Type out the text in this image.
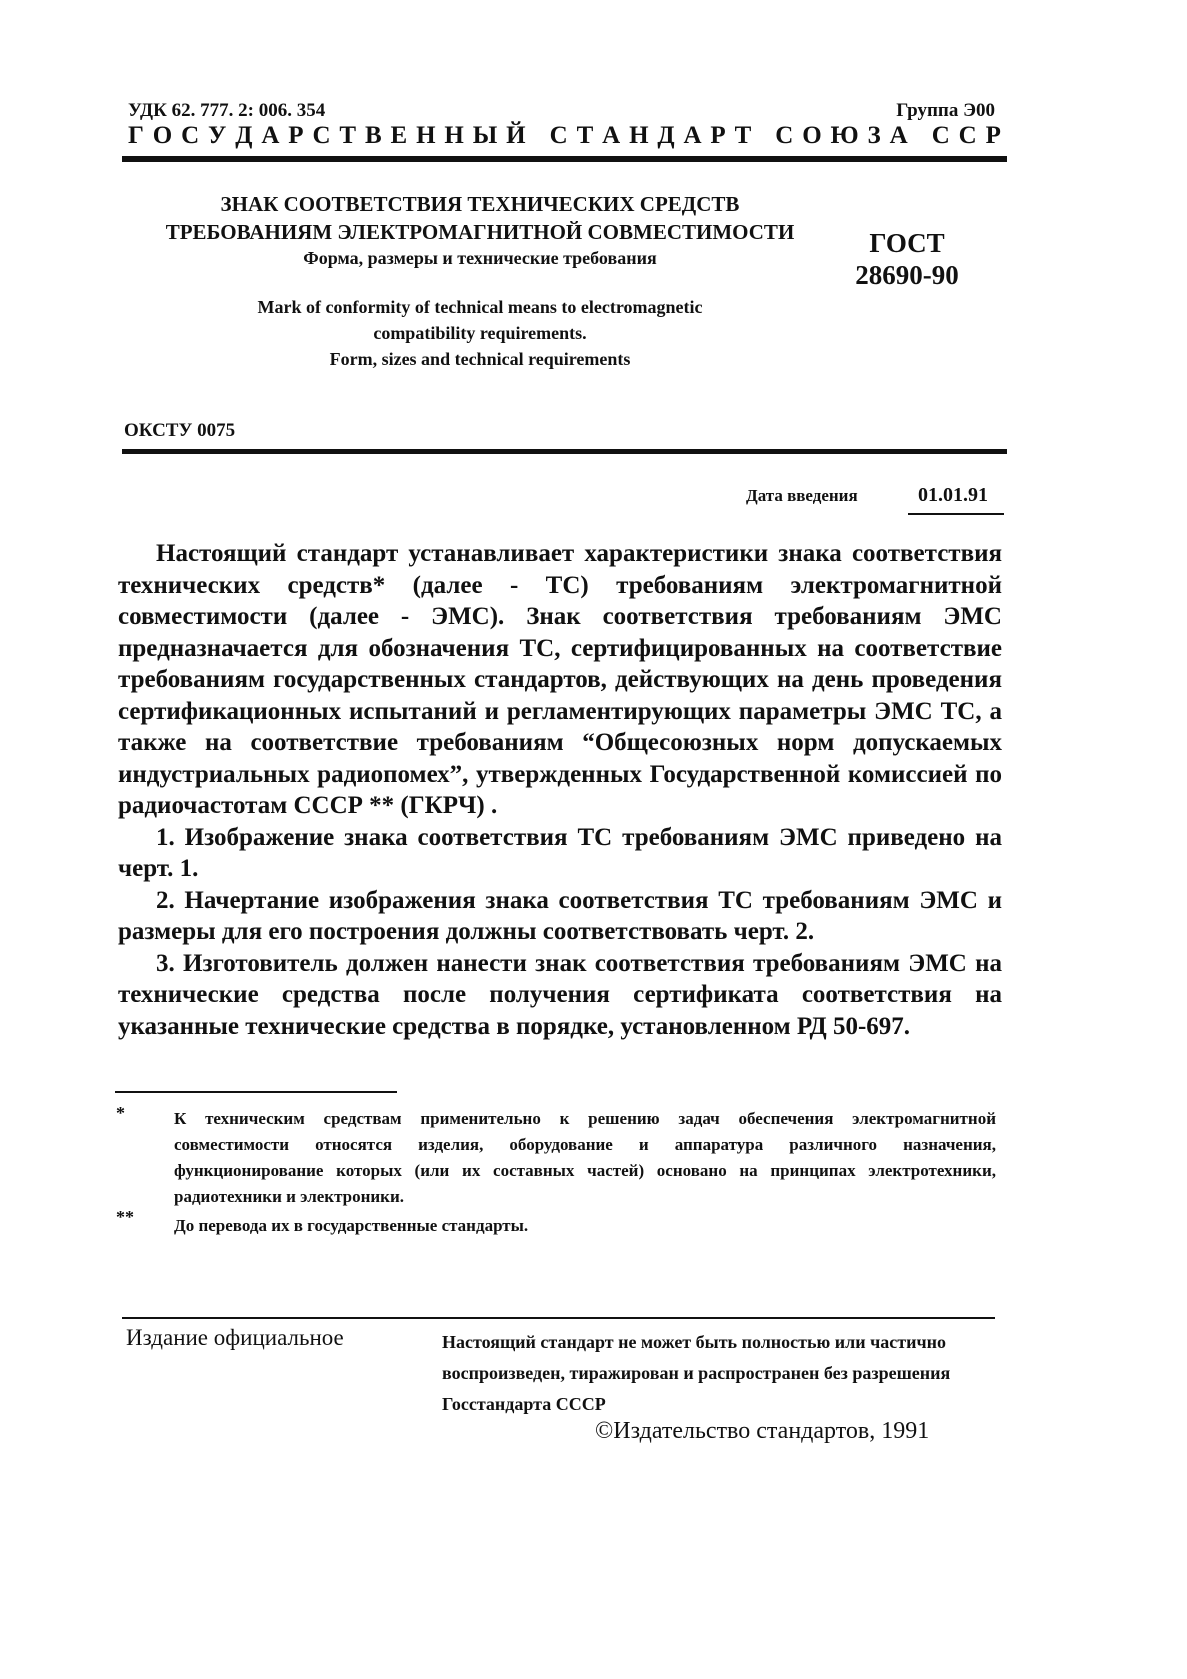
УДК 62. 777. 2: 006. 354	Группа Э00
Г О С У Д А Р С Т В Е Н Н Ы Й
С Т А Н Д А Р Т
С О Ю З А
С С Р
ЗНАК СООТВЕТСТВИЯ ТЕХНИЧЕСКИХ СРЕДСТВ
ТРЕБОВАНИЯМ ЭЛЕКТРОМАГНИТНОЙ СОВМЕСТИМОСТИ
Форма, размеры и технические требования
Mark of conformity of technical means to electromagnetic
compatibility requirements.
Form, sizes and technical requirements
ГОСТ
28690-90
ОКСТУ 0075
Дата введения	01.01.91

Настоящий стандарт устанавливает характеристики знака соответствия технических средств* (далее - ТС) требованиям электромагнитной совместимости (далее - ЭМС). Знак соответствия требованиям ЭМС предназначается для обозначения ТС, сертифицированных на соответствие требованиям государственных стандартов, действующих на день проведения сертификационных испытаний и регламентирующих параметры ЭМС ТС, а также на соответствие требованиям “Общесоюзных норм допускаемых индустриальных радиопомех”, утвержденных Государственной комиссией по радиочастотам СССР ** (ГКРЧ) .

1. Изображение знака соответствия ТС требованиям ЭМС приведено на черт. 1.

2. Начертание изображения знака соответствия ТС требованиям ЭМС и размеры для его построения должны соответствовать черт. 2.

3. Изготовитель должен нанести знак соответствия требованиям ЭМС на технические средства после получения сертификата соответствия на указанные технические средства в порядке, установленном РД 50-697.

*	К техническим средствам применительно к решению задач обеспечения электромагнитной совместимости относятся изделия, оборудование и аппаратура различного назначения, функционирование которых (или их составных частей) основано на принципах электротехники, радиотехники и электроники.
** До перевода их в государственные стандарты.
Издание официальное	Настоящий стандарт не может быть полностью или частично воспроизведен, тиражирован и распространен без разрешения Госстандарта СССР
©Издательство стандартов, 1991
